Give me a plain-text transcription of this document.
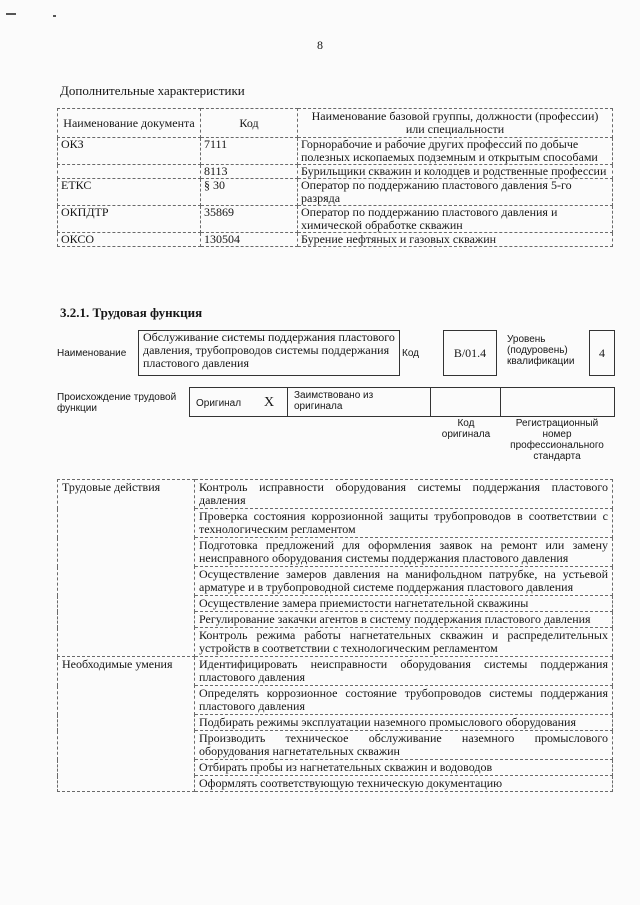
8
Дополнительные характеристики
Наименование документа	Код	Наименование базовой группы, должности (профессии) или специальности
ОКЗ	7111	Горнорабочие и рабочие других профессий по добыче полезных ископаемых подземным и открытым способами
	8113	Бурильщики скважин и колодцев и родственные профессии
ЕТКС	§ 30	Оператор по поддержанию пластового давления 5-го разряда
ОКПДТР	35869	Оператор по поддержанию пластового давления и химической обработке скважин
ОКСО	130504	Бурение нефтяных и газовых скважин
3.2.1. Трудовая функция
Наименование
Обслуживание системы поддержания пластового давления, трубопроводов системы поддержания пластового давления
Код	В/01.4
Уровень (подуровень) квалификации
4
Происхождение трудовой функции	Оригинал X Заимствовано из оригинала
Код оригинала
Регистрационный номер профессионального стандарта
Трудовые действия	Контроль исправности оборудования системы поддержания пластового давления
	Проверка состояния коррозионной защиты трубопроводов в соответствии с технологическим регламентом
	Подготовка предложений для оформления заявок на ремонт или замену неисправного оборудования системы поддержания пластового давления
	Осуществление замеров давления на манифольдном патрубке, на устьевой арматуре и в трубопроводной системе поддержания пластового давления
	Осуществление замера приемистости нагнетательной скважины
	Регулирование закачки агентов в систему поддержания пластового давления
	Контроль режима работы нагнетательных скважин и распределительных устройств в соответствии с технологическим регламентом
Необходимые умения	Идентифицировать неисправности оборудования системы поддержания пластового давления
	Определять коррозионное состояние трубопроводов системы поддержания пластового давления
	Подбирать режимы эксплуатации наземного промыслового оборудования
	Производить техническое обслуживание наземного промыслового оборудования нагнетательных скважин
	Отбирать пробы из нагнетательных скважин и водоводов
	Оформлять соответствующую техническую документацию
